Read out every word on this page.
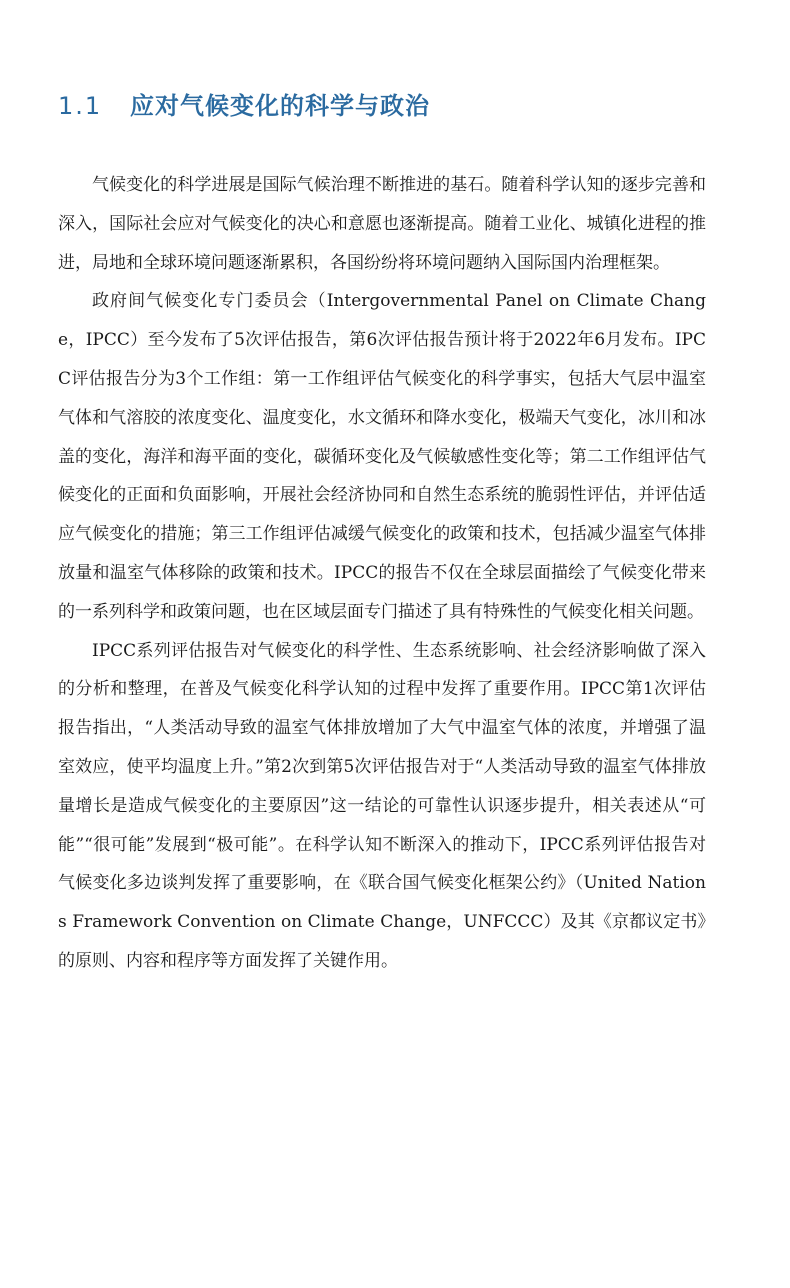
1.1 应对气候变化的科学与政治

气候变化的科学进展是国际气候治理不断推进的基石。随着科学认知的逐步完善和深入，国际社会应对气候变化的决心和意愿也逐渐提高。随着工业化、城镇化进程的推进，局地和全球环境问题逐渐累积，各国纷纷将环境问题纳入国际国内治理框架。

政府间气候变化专门委员会（Intergovernmental Panel on Climate Change，IPCC）至今发布了5次评估报告，第6次评估报告预计将于2022年6月发布。IPCC评估报告分为3个工作组：第一工作组评估气候变化的科学事实，包括大气层中温室气体和气溶胶的浓度变化、温度变化，水文循环和降水变化，极端天气变化，冰川和冰盖的变化，海洋和海平面的变化，碳循环变化及气候敏感性变化等；第二工作组评估气候变化的正面和负面影响，开展社会经济协同和自然生态系统的脆弱性评估，并评估适应气候变化的措施；第三工作组评估减缓气候变化的政策和技术，包括减少温室气体排放量和温室气体移除的政策和技术。IPCC的报告不仅在全球层面描绘了气候变化带来的一系列科学和政策问题，也在区域层面专门描述了具有特殊性的气候变化相关问题。

IPCC系列评估报告对气候变化的科学性、生态系统影响、社会经济影响做了深入的分析和整理，在普及气候变化科学认知的过程中发挥了重要作用。IPCC第1次评估报告指出，“人类活动导致的温室气体排放增加了大气中温室气体的浓度，并增强了温室效应，使平均温度上升。”第2次到第5次评估报告对于“人类活动导致的温室气体排放量增长是造成气候变化的主要原因”这一结论的可靠性认识逐步提升，相关表述从“可能”“很可能”发展到“极可能”。在科学认知不断深入的推动下，IPCC系列评估报告对气候变化多边谈判发挥了重要影响，在《联合国气候变化框架公约》（United Nations Framework Convention on Climate Change，UNFCCC）及其《京都议定书》的原则、内容和程序等方面发挥了关键作用。
